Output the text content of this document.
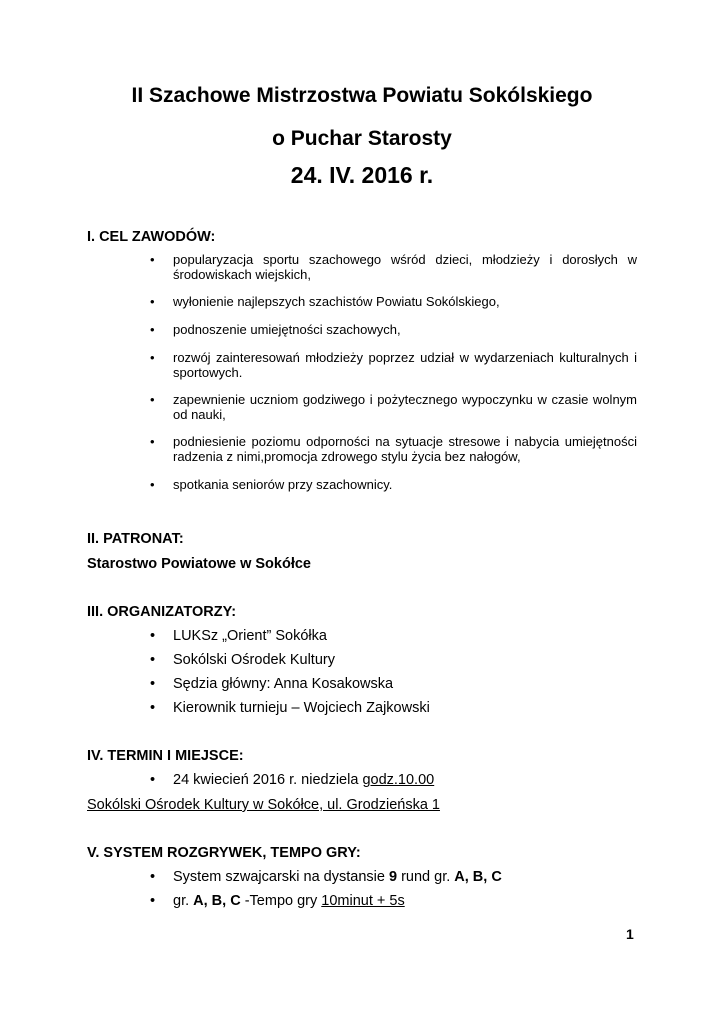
II Szachowe Mistrzostwa Powiatu Sokólskiego
o Puchar Starosty
24. IV. 2016 r.
I. CEL ZAWODÓW:
• popularyzacja sportu szachowego wśród dzieci, młodzieży i dorosłych w środowiskach wiejskich,
• wyłonienie najlepszych szachistów Powiatu Sokólskiego,
• podnoszenie umiejętności szachowych,
• rozwój zainteresowań młodzieży poprzez udział w wydarzeniach kulturalnych i sportowych.
• zapewnienie uczniom godziwego i pożytecznego wypoczynku w czasie wolnym od nauki,
• podniesienie poziomu odporności na sytuacje stresowe i nabycia umiejętności radzenia z nimi,promocja zdrowego stylu życia bez nałogów,
• spotkania seniorów przy szachownicy.
II. PATRONAT:
Starostwo Powiatowe w Sokółce
III. ORGANIZATORZY:
• LUKSz „Orient” Sokółka
• Sokólski Ośrodek Kultury
• Sędzia główny: Anna Kosakowska
• Kierownik turnieju – Wojciech Zajkowski
IV. TERMIN I MIEJSCE:
• 24 kwiecień 2016 r. niedziela godz.10.00
Sokólski Ośrodek Kultury w Sokółce, ul. Grodzieńska 1
V. SYSTEM ROZGRYWEK, TEMPO GRY:
• System szwajcarski na dystansie 9 rund gr. A, B, C
• gr. A, B, C -Tempo gry 10minut + 5s
1
